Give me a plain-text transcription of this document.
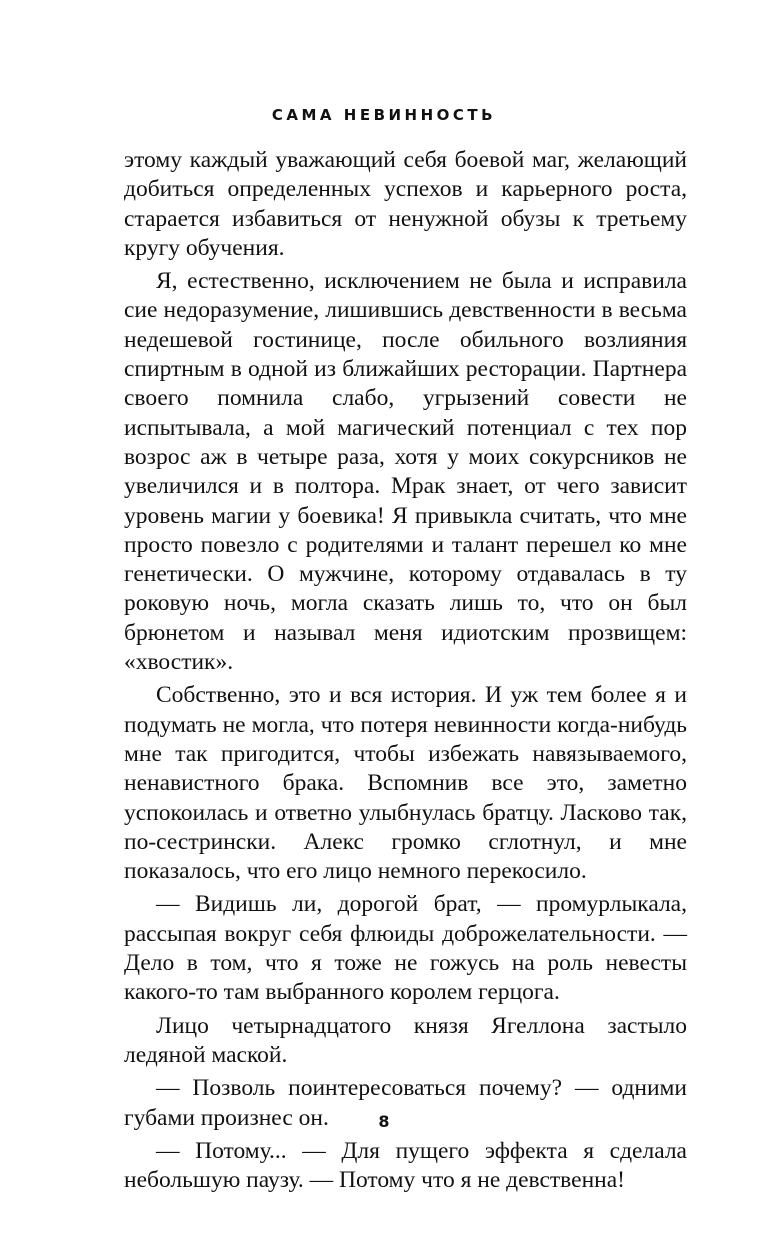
САМА НЕВИННОСТЬ

этому каждый уважающий себя боевой маг, желающий добиться определенных успехов и карьерного роста, старается избавиться от ненужной обузы к третьему кругу обучения.

Я, естественно, исключением не была и исправила сие недоразумение, лишившись девственности в весьма недешевой гостинице, после обильного возлияния спиртным в одной из ближайших ресторации. Партнера своего помнила слабо, угрызений совести не испытывала, а мой магический потенциал с тех пор возрос аж в четыре раза, хотя у моих сокурсников не увеличился и в полтора. Мрак знает, от чего зависит уровень магии у боевика! Я привыкла считать, что мне просто повезло с родителями и талант перешел ко мне генетически. О мужчине, которому отдавалась в ту роковую ночь, могла сказать лишь то, что он был брюнетом и называл меня идиотским прозвищем: «хвостик».

Собственно, это и вся история. И уж тем более я и подумать не могла, что потеря невинности когда-нибудь мне так пригодится, чтобы избежать навязываемого, ненавистного брака. Вспомнив все это, заметно успокоилась и ответно улыбнулась братцу. Ласково так, по-сестрински. Алекс громко сглотнул, и мне показалось, что его лицо немного перекосило.

— Видишь ли, дорогой брат, — промурлыкала, рассыпая вокруг себя флюиды доброжелательности. — Дело в том, что я тоже не гожусь на роль невесты какого-то там выбранного королем герцога.

Лицо четырнадцатого князя Ягеллона застыло ледяной маской.

— Позволь поинтересоваться почему? — одними губами произнес он.

— Потому... — Для пущего эффекта я сделала небольшую паузу. — Потому что я не девственна!

8
